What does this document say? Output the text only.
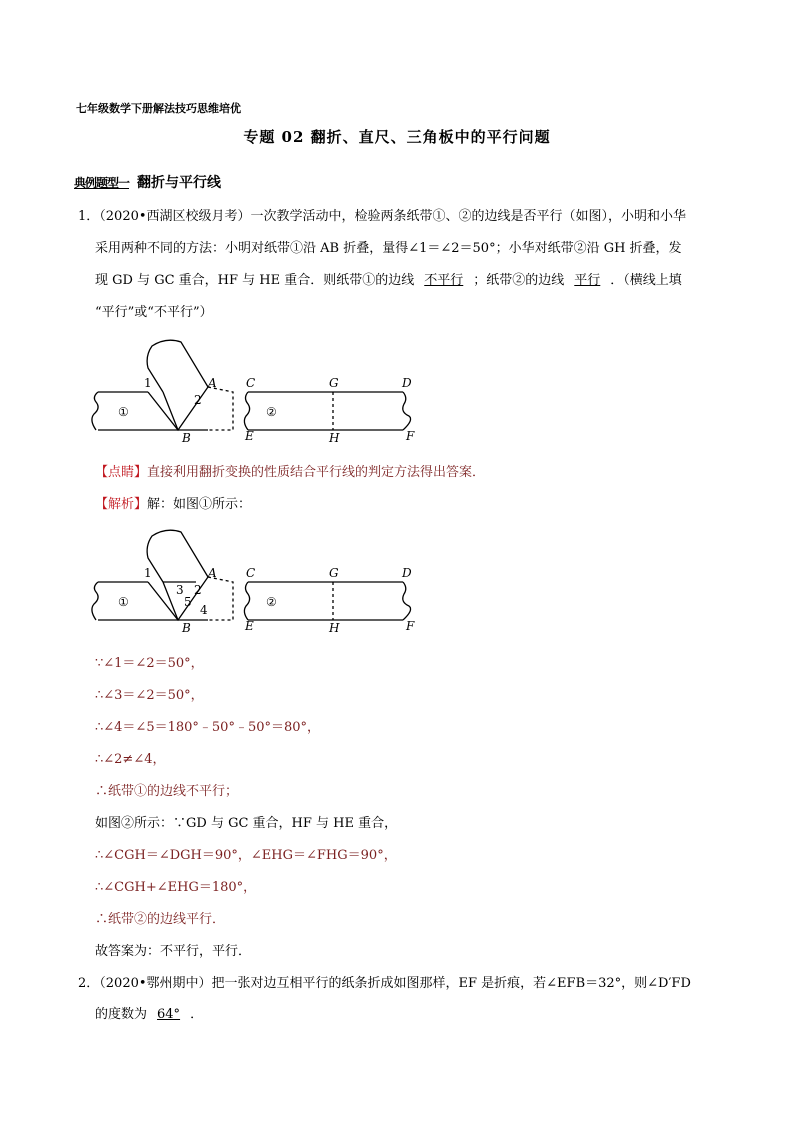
七年级数学下册解法技巧思维培优
专题 02 翻折、直尺、三角板中的平行问题
典例题型一 翻折与平行线
1．（2020•西湖区校级月考）一次教学活动中，检验两条纸带①、②的边线是否平行（如图），小明和小华
采用两种不同的方法：小明对纸带①沿 AB 折叠，量得∠1＝∠2＝50°；小华对纸带②沿 GH 折叠，发
现 GD 与 GC 重合，HF 与 HE 重合．则纸带①的边线 不平行 ；纸带②的边线 平行 ．（横线上填
“平行”或“不平行”）
1
2
①
A
B
C	G	D
E	H	F
②
【点睛】直接利用翻折变换的性质结合平行线的判定方法得出答案．
【解析】解：如图①所示：
1
2
3
5
4
①
A
B
C	G	D
E	H	F
②
∵∠1＝∠2＝50°，
∴∠3＝∠2＝50°，
∴∠4＝∠5＝180°﹣50°﹣50°＝80°，
∴∠2≠∠4，
∴纸带①的边线不平行；
如图②所示：∵GD 与 GC 重合，HF 与 HE 重合，
∴∠CGH＝∠DGH＝90°，∠EHG＝∠FHG＝90°，
∴∠CGH+∠EHG＝180°，
∴纸带②的边线平行．
故答案为：不平行，平行．
2．（2020•鄂州期中）把一张对边互相平行的纸条折成如图那样，EF 是折痕，若∠EFB＝32°，则∠D′FD
的度数为 64° ．
